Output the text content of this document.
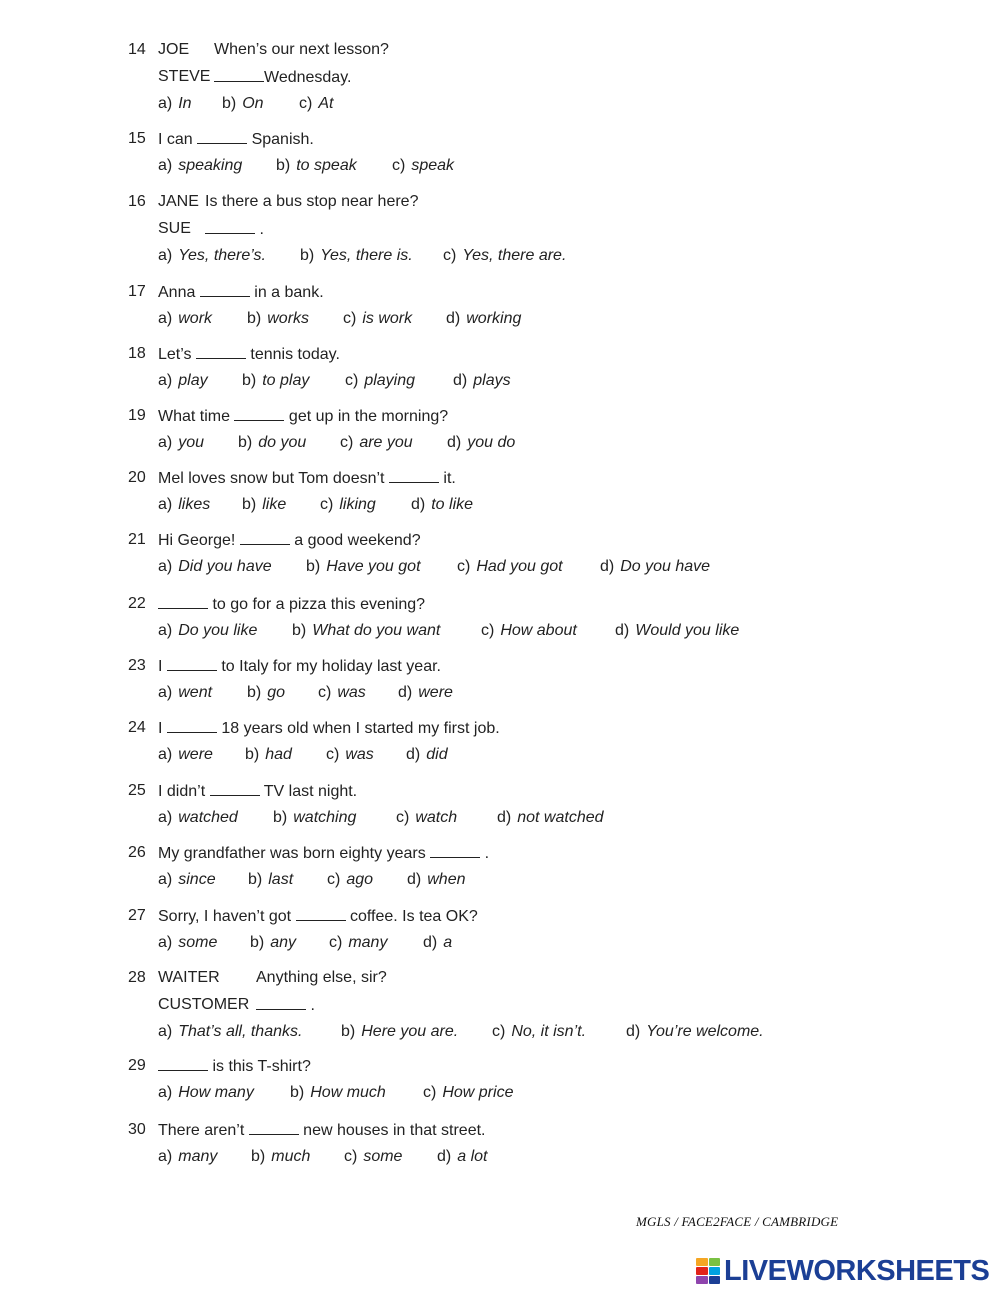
14 JOE When’s our next lesson?
STEVE	Wednesday.
a) In b) On c) At
15 I can	Spanish.
a) speaking b) to speak c) speak
16 JANE Is there a bus stop near here?
SUE	.
a) Yes, there’s. b) Yes, there is. c) Yes, there are.
17 Anna	in a bank.
a) work b) works c) is work d) working
18 Let’s	tennis today.
a) play b) to play c) playing d) plays
19 What time	get up in the morning?
a) you b) do you c) are you d) you do
20 Mel loves snow but Tom doesn’t	it.
a) likes b) like c) liking d) to like
21 Hi George!	a good weekend?
a) Did you have b) Have you got c) Had you got d) Do you have
22	to go for a pizza this evening?
a) Do you like b) What do you want	c) How about d) Would you like
23 I	to Italy for my holiday last year.
a) went b) go c) was d) were
24 I	18 years old when I started my first job.
a) were b) had c) was d) did
25 I didn’t	TV last night.
a) watched b) watching c) watch d) not watched
26 My grandfather was born eighty years	.
a) since b) last c) ago d) when
27 Sorry, I haven’t got	coffee. Is tea OK?
a) some b) any c) many d) a
28 WAITER Anything else, sir?
CUSTOMER	.
a) That’s all, thanks. b) Here you are. c) No, it isn’t. d) You’re welcome.
29	is this T-shirt?
a) How many b) How much c) How price
30 There aren’t	new houses in that street.
a) many b) much c) some d) a lot
MGLS / FACE2FACE / CAMBRIDGE
LIVEWORKSHEETS
